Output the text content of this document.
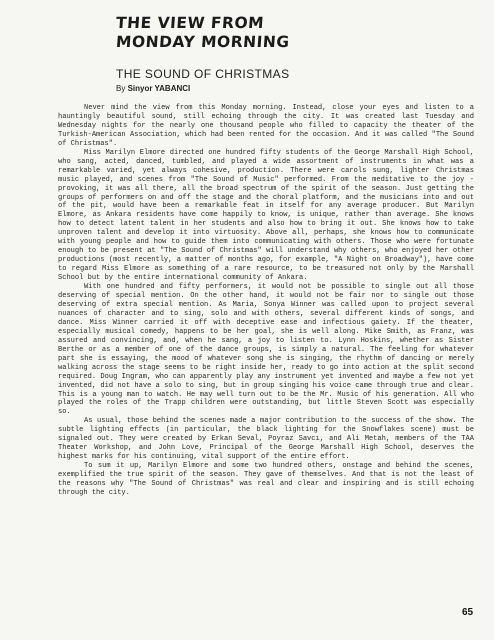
THE VIEW FROM
MONDAY MORNING
THE SOUND OF CHRISTMAS
By Sinyor YABANCI

Never mind the view from this Monday morning. Instead, close your eyes and listen to a hauntingly beautiful sound, still echoing through the city. It was created last Tuesday and Wednesday nights for the nearly one thousand people who filled to capacity the theater of the Turkish-American Association, which had been rented for the occasion. And it was called "The Sound of Christmas".

Miss Marilyn Elmore directed one hundred fifty students of the George Marshall High School, who sang, acted, danced, tumbled, and played a wide assortment of instruments in what was a remarkable varied, yet always cohesive, production. There were carols sung, lighter Christmas music played, and scenes from "The Sound of Music" performed. From the meditative to the joy - provoking, it was all there, all the broad spectrum of the spirit of the season. Just getting the groups of performers on and off the stage and the choral platform, and the musicians into and out of the pit, would have been a remarkable feat in itself for any average producer. But Marilyn Elmore, as Ankara residents have come happily to know, is unique, rather than average. She knows how to detect latent talent in her students and also how to bring it out. She knows how to take unproven talent and develop it into virtuosity. Above all, perhaps, she knows how to communicate with young people and how to guide them into communicating with others. Those who were fortunate enough to be present at "The Sound of Christmas" will understand why others, who enjoyed her other productions (most recently, a matter of months ago, for example, "A Night on Broadway"), have come to regard Miss Elmore as something of a rare resource, to be treasured not only by the Marshall School but by the entire international community of Ankara.

With one hundred and fifty performers, it would not be possible to single out all those deserving of special mention. On the other hand, it would not be fair nor to single out those deserving of extra special mention. As Maria, Sonya Winner was called upon to project several nuances of character and to sing, solo and with others, several different kinds of songs, and dance. Miss Winner carried it off with deceptive ease and infectious gaiety. If the theater, especially musical comedy, happens to be her goal, she is well along. Mike Smith, as Franz, was assured and convincing, and, when he sang, a joy to listen to. Lynn Hoskins, whether as Sister Berthe or as a member of one of the dance groups, is simply a natural. The feeling for whatever part she is essaying, the mood of whatever song she is singing, the rhythm of dancing or merely walking across the stage seems to be right inside her, ready to go into action at the split second required. Doug Ingram, who can apparently play any instrument yet invented and maybe a few not yet invented, did not have a solo to sing, but in group singing his voice came through true and clear. This is a young man to watch. He may well turn out to be the Mr. Music of his generation. All who played the roles of the Trapp children were outstanding, but little Steven Scott was especially so.

As usual, those behind the scenes made a major contribution to the success of the show. The subtle lighting effects (in particular, the black lighting for the Snowflakes scene) must be signaled out. They were created by Erkan Seval, Poyraz Savcı, and Ali Metah, members of the TAA Theater Workshop, and John Love, Principal of the George Marshall High School, deserves the highest marks for his continuing, vital support of the entire effort.

To sum it up, Marilyn Elmore and some two hundred others, onstage and behind the scenes, exemplified the true spirit of the season. They gave of themselves. And that is not the least of the reasons why "The Sound of Christmas" was real and clear and inspiring and is still echoing through the city.

65
